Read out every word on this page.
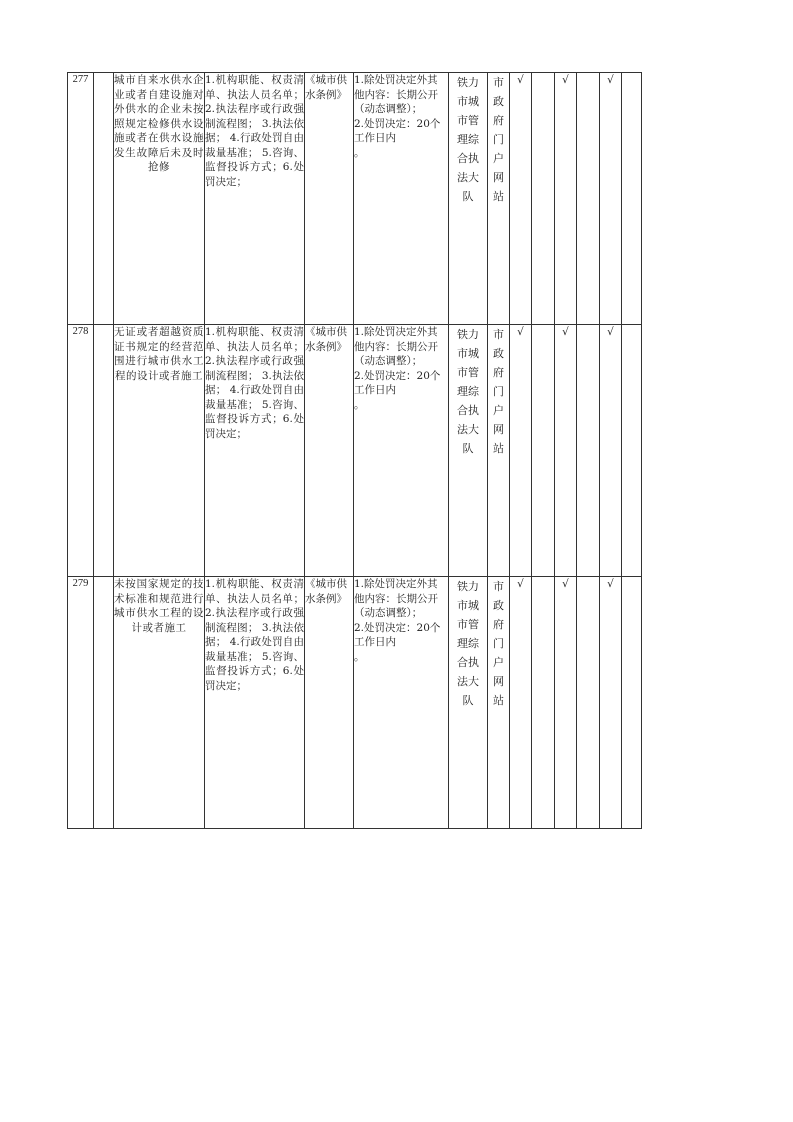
277		城市自来水供水企业或者自建设施对外供水的企业未按照规定检修供水设施或者在供水设施发生故障后未及时抢修	1.机构职能、权责清单、执法人员名单； 2.执法程序或行政强制流程图； 3.执法依据； 4.行政处罚自由裁量基准； 5.咨询、监督投诉方式；6.处罚决定；	《城市供水条例》	1.除处罚决定外其他内容：长期公开
（动态调整）；
2.处罚决定：20个工作日内
。	铁力市城市管理综合执法大队	市政府门户网站	√		√		√	
278		无证或者超越资质证书规定的经营范围进行城市供水工程的设计或者施工	1.机构职能、权责清单、执法人员名单； 2.执法程序或行政强制流程图； 3.执法依据； 4.行政处罚自由裁量基准； 5.咨询、监督投诉方式；6.处罚决定；	《城市供水条例》	1.除处罚决定外其他内容：长期公开
（动态调整）；
2.处罚决定：20个工作日内
。	铁力市城市管理综合执法大队	市政府门户网站	√		√		√	
279		未按国家规定的技术标准和规范进行城市供水工程的设计或者施工	1.机构职能、权责清单、执法人员名单； 2.执法程序或行政强制流程图； 3.执法依据； 4.行政处罚自由裁量基准； 5.咨询、监督投诉方式；6.处罚决定；	《城市供水条例》	1.除处罚决定外其他内容：长期公开
（动态调整）；
2.处罚决定：20个工作日内
。	铁力市城市管理综合执法大队	市政府门户网站	√		√		√	
